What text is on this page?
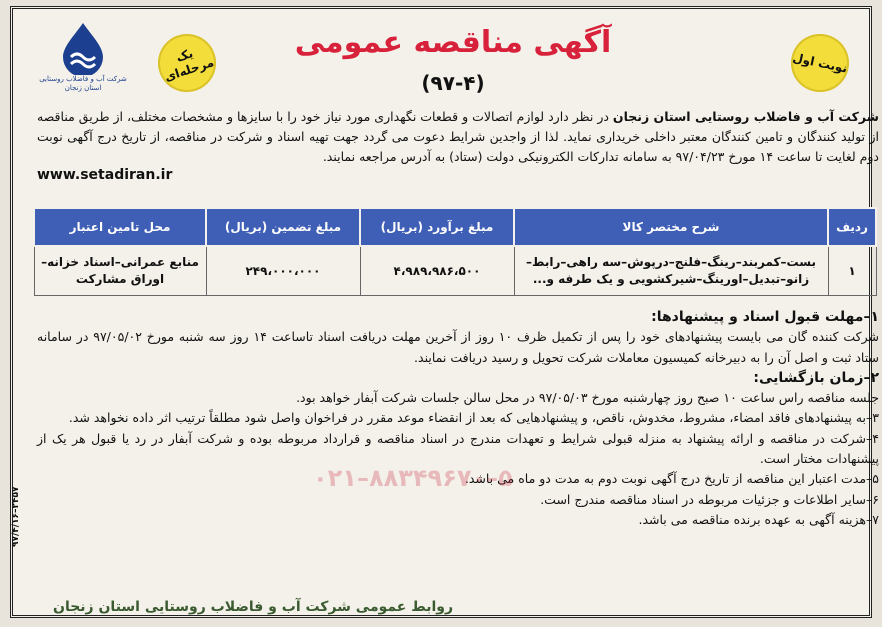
شرکت آب و فاضلاب روستایی
استان زنجان
یک مرحله‌ای	نوبت اول
آگهی مناقصه عمومی
(۹۷-۴)
شرکت آب و فاضلاب روستایی استان زنجان در نظر دارد لوازم اتصالات و قطعات نگهداری مورد نیاز خود را با سایزها و مشخصات مختلف، از طریق مناقصه از تولید کنندگان و تامین کنندگان معتبر داخلی خریداری نماید. لذا از واجدین شرایط دعوت می گردد جهت تهیه اسناد و شرکت در مناقصه، از تاریخ درج آگهی نوبت دوم لغایت تا ساعت ۱۴ مورخ ۹۷/۰۴/۲۳ به سامانه تدارکات الکترونیکی دولت (ستاد) به آدرس مراجعه نمایند.
www.setadiran.ir
ردیف	شرح مختصر کالا	مبلغ برآورد (بریال)	مبلغ تضمین (بریال)	محل تامین اعتبار
۱	بست–کمربند–رینگ–فلنج–درپوش–سه راهی–رابط–زانو–تبدیل–اورینگ–شیرکشویی و یک طرفه و...	۴،۹۸۹،۹۸۶،۵۰۰	۲۴۹،۰۰۰،۰۰۰	منابع عمرانی–اسناد خزانه–اوراق مشارکت
۱–مهلت قبول اسناد و پیشنهادها:
شرکت کننده گان می بایست پیشنهادهای خود را پس از تکمیل ظرف ۱۰ روز از آخرین مهلت دریافت اسناد تاساعت ۱۴ روز سه شنبه مورخ ۹۷/۰۵/۰۲ در سامانه ستاد ثبت و اصل آن را به دبیرخانه کمیسیون معاملات شرکت تحویل و رسید دریافت نمایند.
۲–زمان بازگشایی:
جلسه مناقصه راس ساعت ۱۰ صبح روز چهارشنبه مورخ ۹۷/۰۵/۰۳ در محل سالن جلسات شرکت آبفار خواهد بود.
۳–به پیشنهادهای فاقد امضاء، مشروط، مخدوش، ناقص، و پیشنهادهایی که بعد از انقضاء موعد مقرر در فراخوان واصل شود مطلقاً ترتیب اثر داده نخواهد شد.
۴–شرکت در مناقصه و ارائه پیشنهاد به منزله قبولی شرایط و تعهدات مندرج در اسناد مناقصه و قرارداد مربوطه بوده و شرکت آبفار در رد یا قبول هر یک از پیشنهادات مختار است.
۵–مدت اعتبار این مناقصه از تاریخ درج آگهی نوبت دوم به مدت دو ماه می باشد.
۶–سایر اطلاعات و جزئیات مربوطه در اسناد مناقصه مندرج است.
۷–هزینه آگهی به عهده برنده مناقصه می باشد.
۰۲۱–۸۸۳۴۹۶۷۰–۵
روابط عمومی شرکت آب و فاضلاب روستایی استان زنجان
۹۷/۴/۱۶–۲۴۵۷
